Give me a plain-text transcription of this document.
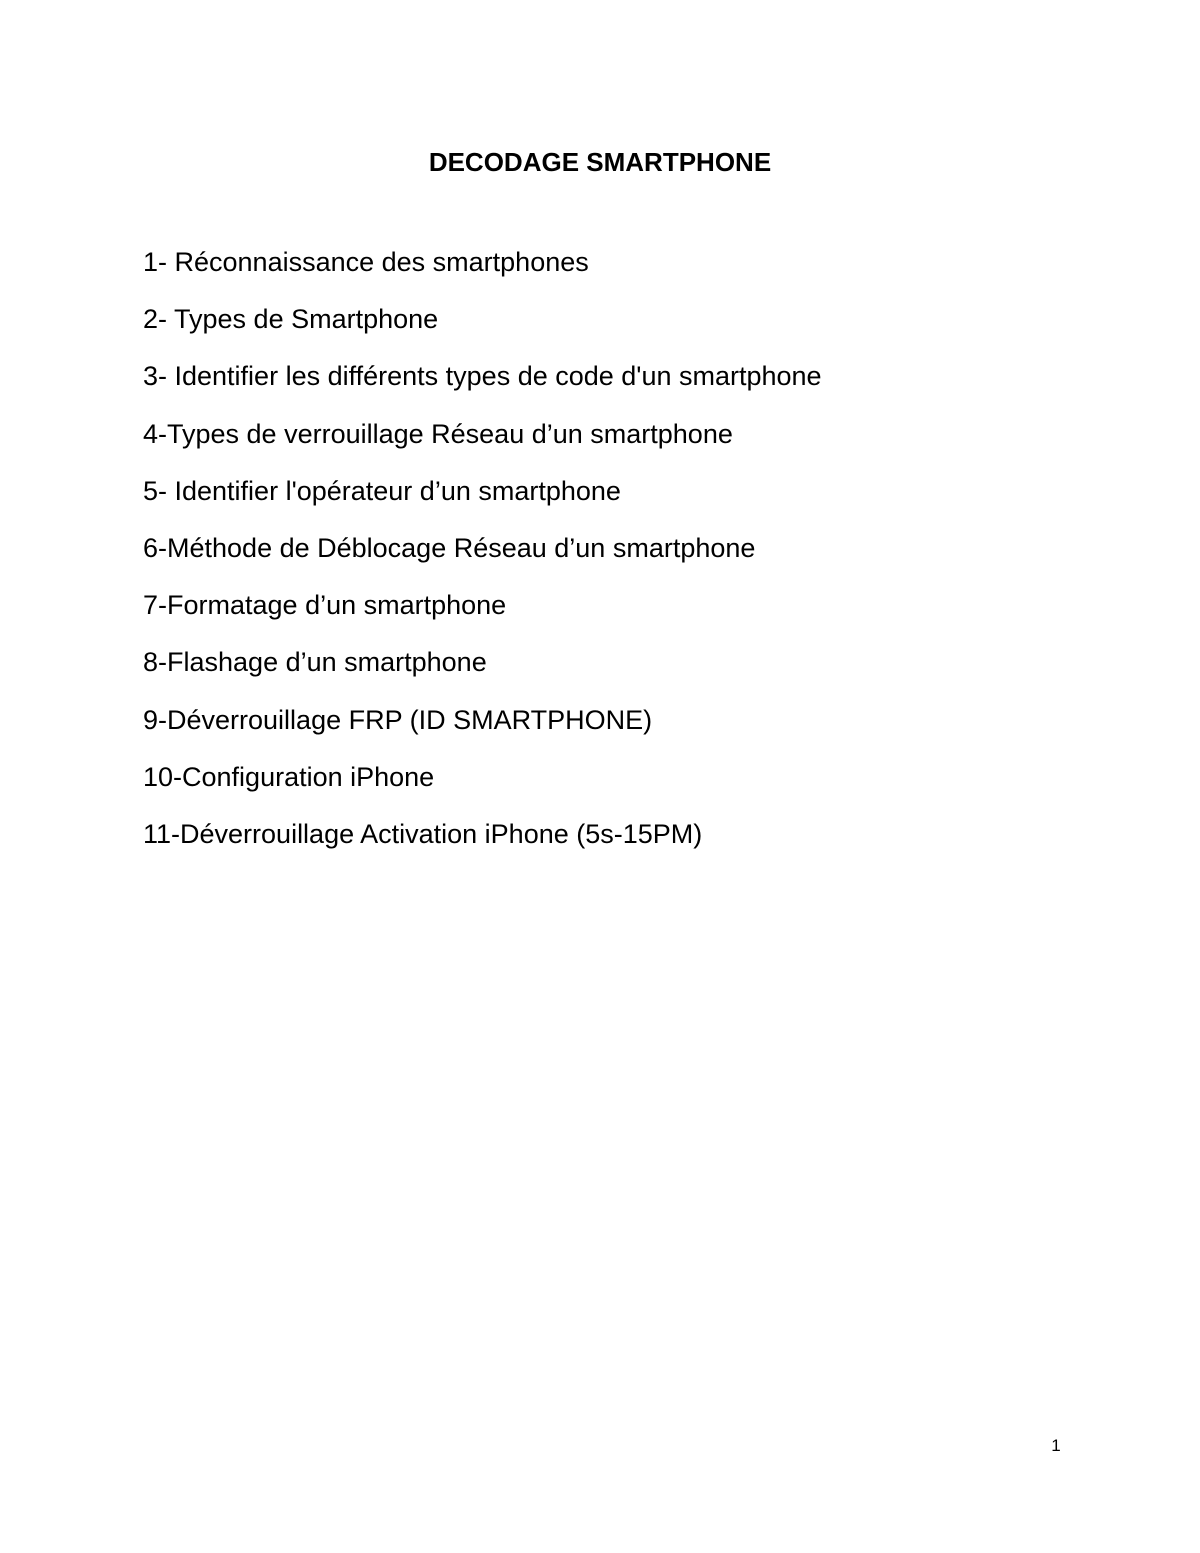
DECODAGE SMARTPHONE
1- Réconnaissance des smartphones
2- Types de Smartphone
3- Identifier les différents types de code d'un smartphone
4-Types de verrouillage Réseau d’un smartphone
5- Identifier l'opérateur d’un smartphone
6-Méthode de Déblocage Réseau d’un smartphone
7-Formatage d’un smartphone
8-Flashage d’un smartphone
9-Déverrouillage FRP (ID SMARTPHONE)
10-Configuration iPhone
11-Déverrouillage Activation iPhone (5s-15PM)
1
